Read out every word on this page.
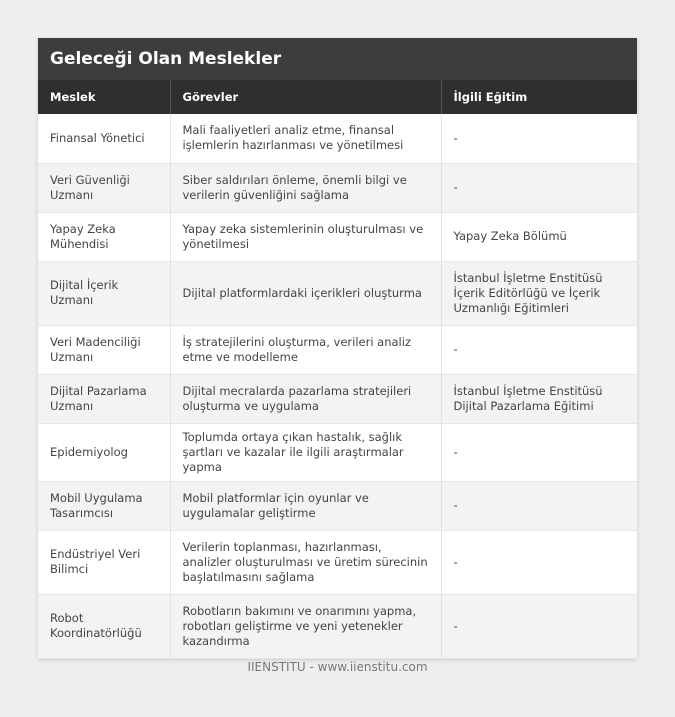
Geleceği Olan Meslekler
Meslek	Görevler	İlgili Eğitim
Finansal Yönetici	Mali faaliyetleri analiz etme, finansal işlemlerin hazırlanması ve yönetilmesi	-
Veri Güvenliği Uzmanı	Siber saldırıları önleme, önemli bilgi ve verilerin güvenliğini sağlama	-
Yapay Zeka Mühendisi	Yapay zeka sistemlerinin oluşturulması ve yönetilmesi	Yapay Zeka Bölümü
Dijital İçerik Uzmanı	Dijital platformlardaki içerikleri oluşturma	İstanbul İşletme Enstitüsü İçerik Editörlüğü ve İçerik Uzmanlığı Eğitimleri
Veri Madenciliği Uzmanı	İş stratejilerini oluşturma, verileri analiz etme ve modelleme	-
Dijital Pazarlama Uzmanı	Dijital mecralarda pazarlama stratejileri oluşturma ve uygulama	İstanbul İşletme Enstitüsü Dijital Pazarlama Eğitimi
Epidemiyolog	Toplumda ortaya çıkan hastalık, sağlık şartları ve kazalar ile ilgili araştırmalar yapma	-
Mobil Uygulama Tasarımcısı	Mobil platformlar için oyunlar ve uygulamalar geliştirme	-
Endüstriyel Veri Bilimci	Verilerin toplanması, hazırlanması, analizler oluşturulması ve üretim sürecinin başlatılmasını sağlama	-
Robot Koordinatörlüğü	Robotların bakımını ve onarımını yapma, robotları geliştirme ve yeni yetenekler kazandırma	-
IIENSTITU - www.iienstitu.com
